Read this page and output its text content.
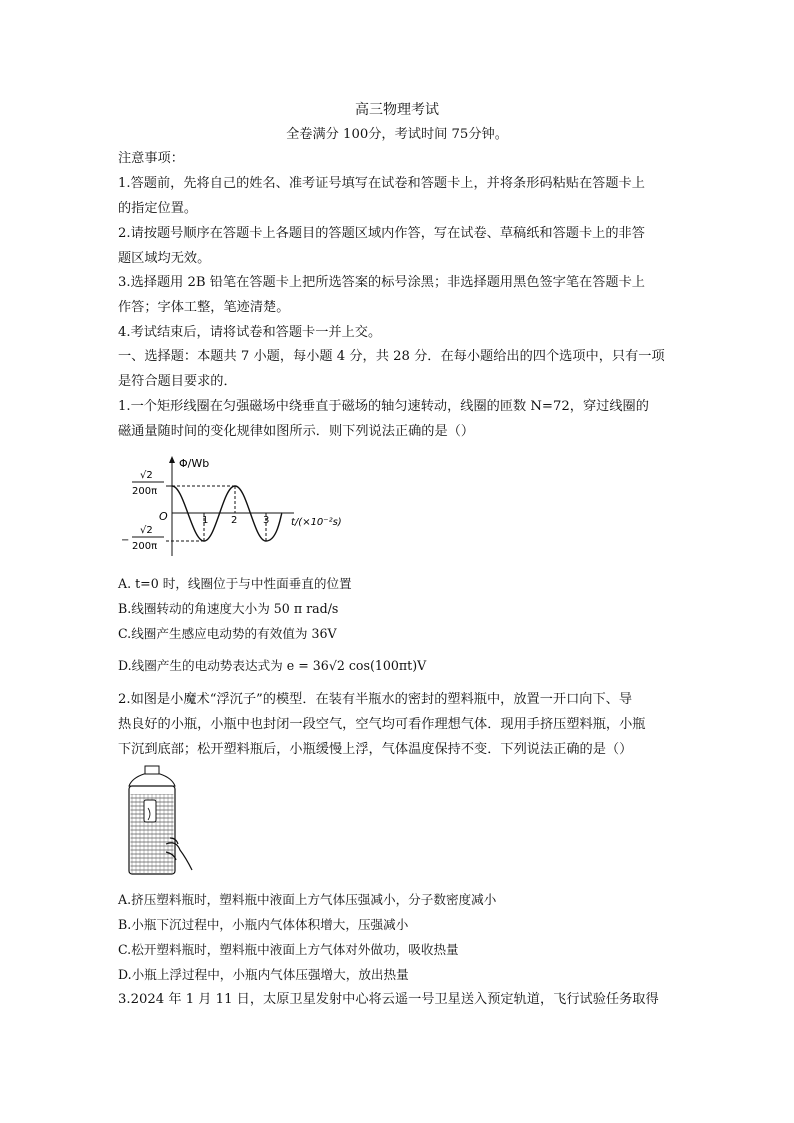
高三物理考试
全卷满分 100分，考试时间 75分钟。
注意事项：
1.答题前，先将自己的姓名、准考证号填写在试卷和答题卡上，并将条形码粘贴在答题卡上
的指定位置。
2.请按题号顺序在答题卡上各题目的答题区域内作答，写在试卷、草稿纸和答题卡上的非答
题区域均无效。
3.选择题用 2B 铅笔在答题卡上把所选答案的标号涂黑；非选择题用黑色签字笔在答题卡上
作答；字体工整，笔迹清楚。
4.考试结束后，请将试卷和答题卡一并上交。
一、选择题：本题共 7 小题，每小题 4 分，共 28 分．在每小题给出的四个选项中，只有一项
是符合题目要求的．
1.一个矩形线圈在匀强磁场中绕垂直于磁场的轴匀速转动，线圈的匝数 N=72，穿过线圈的
磁通量随时间的变化规律如图所示．则下列说法正确的是（）
Φ/Wb
t/(×10⁻²s)
O	1 2	3
√2
200π
−
√2
200π
A. t=0 时，线圈位于与中性面垂直的位置
B.线圈转动的角速度大小为 50 π rad/s
C.线圈产生感应电动势的有效值为 36V
D.线圈产生的电动势表达式为 e = 36√2 cos(100πt)V
2.如图是小魔术“浮沉子”的模型．在装有半瓶水的密封的塑料瓶中，放置一开口向下、导
热良好的小瓶，小瓶中也封闭一段空气，空气均可看作理想气体．现用手挤压塑料瓶，小瓶
下沉到底部；松开塑料瓶后，小瓶缓慢上浮，气体温度保持不变．下列说法正确的是（）
A.挤压塑料瓶时，塑料瓶中液面上方气体压强减小，分子数密度减小
B.小瓶下沉过程中，小瓶内气体体积增大，压强减小
C.松开塑料瓶时，塑料瓶中液面上方气体对外做功，吸收热量
D.小瓶上浮过程中，小瓶内气体压强增大，放出热量
3.2024 年 1 月 11 日，太原卫星发射中心将云遥一号卫星送入预定轨道，飞行试验任务取得
